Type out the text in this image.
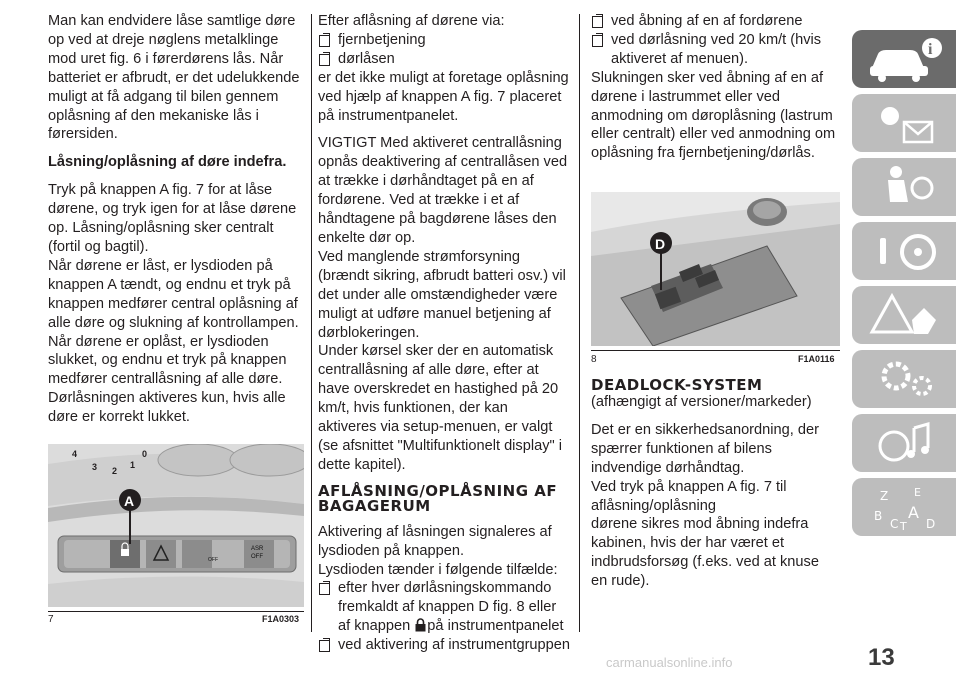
Man kan endvidere låse samtlige døre op ved at dreje nøglens metalklinge mod uret fig. 6 i førerdørens lås. Når batteriet er afbrudt, er det udelukkende muligt at få adgang til bilen gennem oplåsning af den mekaniske lås i førersiden.

Låsning/oplåsning af døre indefra.

Tryk på knappen A fig. 7 for at låse dørene, og tryk igen for at låse dørene op. Låsning/oplåsning sker centralt (fortil og bagtil).

Når dørene er låst, er lysdioden på knappen A tændt, og endnu et tryk på knappen medfører central oplåsning af alle døre og slukning af kontrollampen.

Når dørene er oplåst, er lysdioden slukket, og endnu et tryk på knappen medfører centrallåsning af alle døre.

Dørlåsningen aktiveres kun, hvis alle døre er korrekt lukket.

4
3 2
1
0
A
OFF
ASR
OFF
7	F1A0303

Efter aflåsning af dørene via:

fjernbetjening

dørlåsen

er det ikke muligt at foretage oplåsning ved hjælp af knappen A fig. 7 placeret på instrumentpanelet.

VIGTIGT Med aktiveret centrallåsning opnås deaktivering af centrallåsen ved at trække i dørhåndtaget på en af fordørene. Ved at trække i et af håndtagene på bagdørene låses den enkelte dør op.

Ved manglende strømforsyning (brændt sikring, afbrudt batteri osv.) vil det under alle omstændigheder være muligt at udføre manuel betjening af dørblokeringen.

Under kørsel sker der en automatisk centrallåsning af alle døre, efter at have overskredet en hastighed på 20 km/t, hvis funktionen, der kan aktiveres via setup-menuen, er valgt (se afsnittet "Multifunktionelt display" i dette kapitel).

AFLÅSNING/OPLÅSNING AF BAGAGERUM

Aktivering af låsningen signaleres af lysdioden på knappen.

Lysdioden tænder i følgende tilfælde:

efter hver dørlåsningskommando fremkaldt af knappen D fig. 8 eller af knappen på instrumentpanelet

ved aktivering af instrumentgruppen

ved åbning af en af fordørene

ved dørlåsning ved 20 km/t (hvis aktiveret af menuen).

Slukningen sker ved åbning af en af dørene i lastrummet eller ved anmodning om døroplåsning (lastrum eller centralt) eller ved anmodning om oplåsning fra fjernbetjening/dørlås.

D
8	F1A0116

DEADLOCK-SYSTEM

(afhængigt af versioner/markeder)

Det er en sikkerhedsanordning, der spærrer funktionen af bilens indvendige dørhåndtag.

Ved tryk på knappen A fig. 7 til aflåsning/oplåsning

dørene sikres mod åbning indefra kabinen, hvis der har været et indbrudsforsøg (f.eks. ved at knuse en rude).

i
Z E
B A
C T D
13
carmanualsonline.info
